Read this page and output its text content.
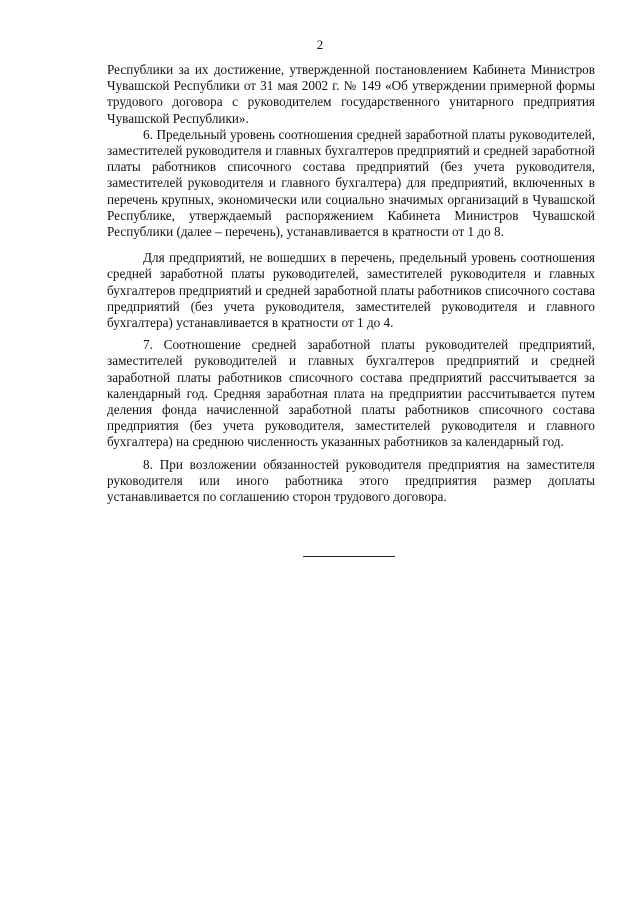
2

Республики за их достижение, утвержденной постановлением Кабинета Министров Чувашской Республики от 31 мая 2002 г. № 149 «Об утверждении примерной формы трудового договора с руководителем государственного унитарного предприятия Чувашской Республики».

6. Предельный уровень соотношения средней заработной платы руководителей, заместителей руководителя и главных бухгалтеров предприятий и средней заработной платы работников списочного состава предприятий (без учета руководителя, заместителей руководителя и главного бухгалтера) для предприятий, включенных в перечень крупных, экономически или социально значимых организаций в Чувашской Республике, утверждаемый распоряжением Кабинета Министров Чувашской Республики (далее – перечень), устанавливается в кратности от 1 до 8.

Для предприятий, не вошедших в перечень, предельный уровень соотношения средней заработной платы руководителей, заместителей руководителя и главных бухгалтеров предприятий и средней заработной платы работников списочного состава предприятий (без учета руководителя, заместителей руководителя и главного бухгалтера) устанавливается в кратности от 1 до 4.

7. Соотношение средней заработной платы руководителей предприятий, заместителей руководителей и главных бухгалтеров предприятий и средней заработной платы работников списочного состава предприятий рассчитывается за календарный год. Средняя заработная плата на предприятии рассчитывается путем деления фонда начисленной заработной платы работников списочного состава предприятия (без учета руководителя, заместителей руководителя и главного бухгалтера) на среднюю численность указанных работников за календарный год.

8. При возложении обязанностей руководителя предприятия на заместителя руководителя или иного работника этого предприятия размер доплаты устанавливается по соглашению сторон трудового договора.
